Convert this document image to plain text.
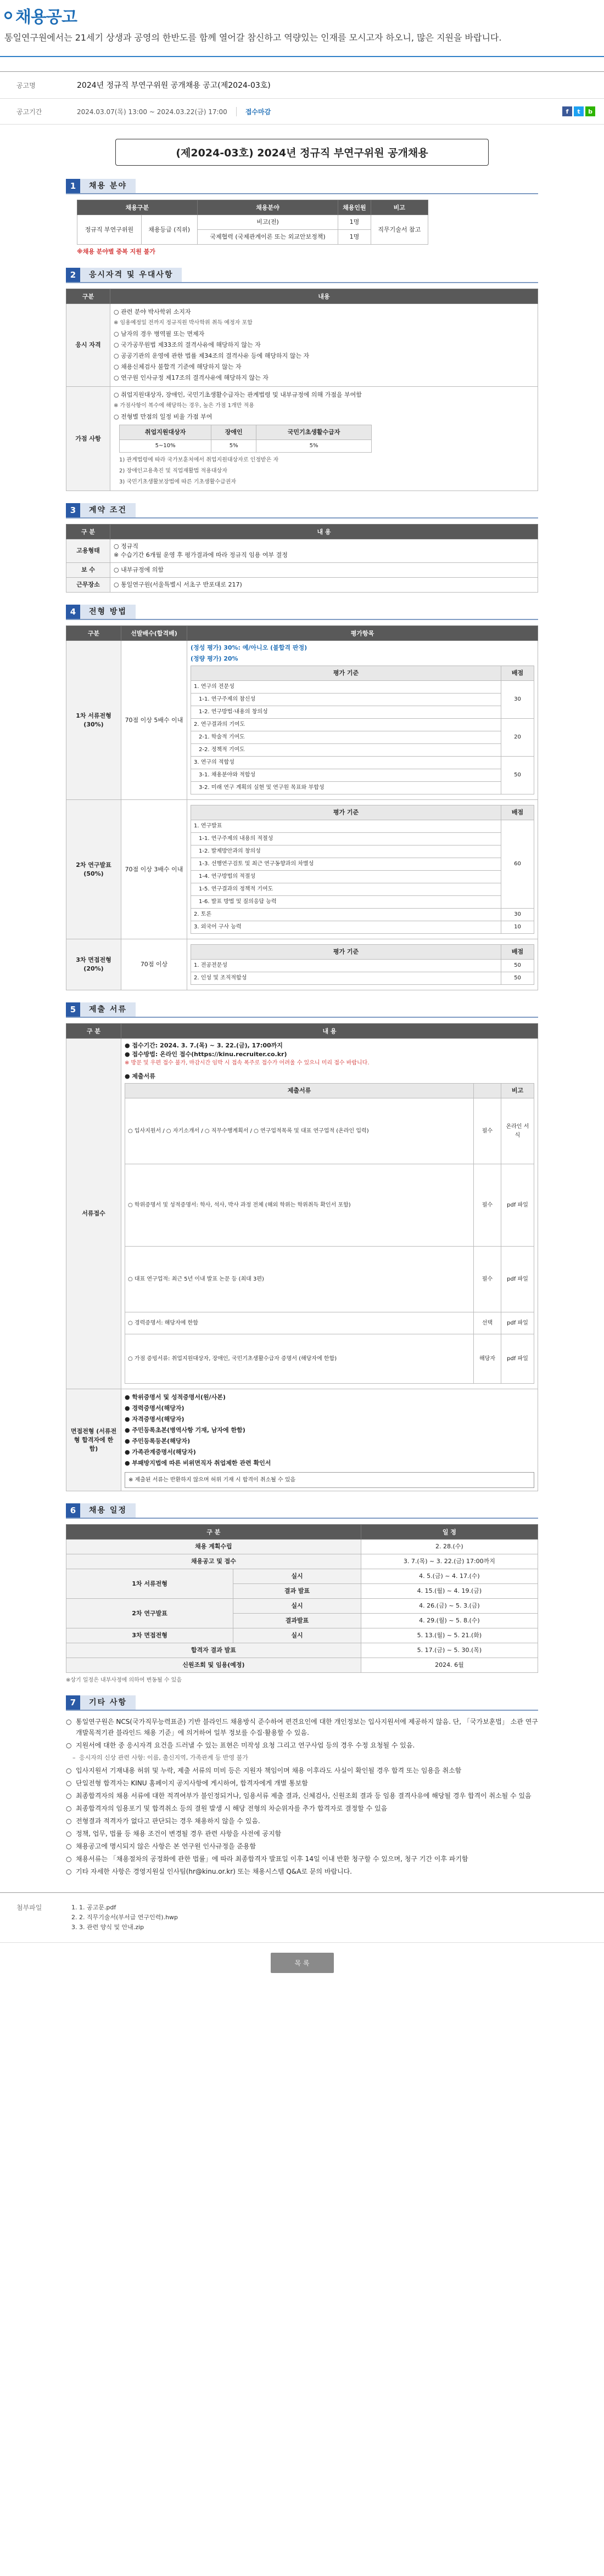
채용공고
통일연구원에서는 21세기 상생과 공영의 한반도를 함께 열어갈 참신하고 역량있는 인재를 모시고자 하오니, 많은 지원을 바랍니다.
공고명	2024년 정규직 부연구위원 공개채용 공고(제2024-03호)
공고기간	2024.03.07(목) 13:00 ~ 2024.03.22(금) 17:00	접수마감	f	t	b
(제2024-03호) 2024년 정규직 부연구위원 공개채용
1	채용 분야
채용구분		채용분야	채용인원	비고
정규직 부연구위원	채용등급 (직위)	비고(전)	1명	직무기술서 참고
		국제협력 (국제관계이론 또는 외교안보정책)	1명	
※채용 분야별 중복 지원 불가
2	응시자격 및 우대사항
구분	내용
응시 자격	
○ 관련 분야 박사학위 소지자
※ 임용예정일 전까지 정규직원 박사학위 취득 예정자 포함
○ 남자의 경우 병역필 또는 면제자
○ 국가공무원법 제33조의 결격사유에 해당하지 않는 자
○ 공공기관의 운영에 관한 법률 제34조의 결격사유 등에 해당하지 않는 자
○ 채용신체검사 불합격 기준에 해당하지 않는 자
○ 연구원 인사규정 제17조의 결격사유에 해당하지 않는 자

가점 사항	
○ 취업지원대상자, 장애인, 국민기초생활수급자는 관계법령 및 내부규정에 의해 가점을 부여함
※ 가점사항이 복수에 해당하는 경우, 높은 가점 1개만 적용
○ 전형별 만점의 일정 비율 가점 부여
취업지원대상자	장애인	국민기초생활수급자
5~10%	5%	5%
1) 관계법령에 따라 국가보훈처에서 취업지원대상자로 인정받은 자
2) 장애인고용촉진 및 직업재활법 적용대상자
3) 국민기초생활보장법에 따른 기초생활수급권자
3	계약 조건
구 분	내 용
고용형태	○ 정규직
※ 수습기간 6개월 운영 후 평가결과에 따라 정규직 임용 여부 결정
보 수	○ 내부규정에 의함
근무장소	○ 통일연구원(서울특별시 서초구 반포대로 217)
4	전형 방법
구분	선발배수(합격배)	평가항목
1차 서류전형 (30%)	70점 이상 5배수 이내	
(정성 평가) 30%: 예/아니오 (불합격 판정)
(정량 평가) 20%
평가 기준	배점
1. 연구의 전문성	30
1-1. 연구주제의 참신성
1-2. 연구방법·내용의 창의성
2. 연구결과의 기여도	20
2-1. 학술적 기여도
2-2. 정책적 기여도
3. 연구의 적합성	50
3-1. 채용분야와 적합성
3-2. 미래 연구 계획의 실현 및 연구원 목표와 부합성

2차 연구발표 (50%)	70점 이상 3배수 이내	
평가 기준	배점
1. 연구발표	60
1-1. 연구주제의 내용의 적절성
1-2. 발제방안과의 창의성
1-3. 선행연구검토 및 최근 연구동향과의 차별성
1-4. 연구방법의 적절성
1-5. 연구결과의 정책적 기여도
1-6. 발표 방법 및 질의응답 능력
2. 토론	30
3. 외국어 구사 능력	10

3차 면접전형 (20%)	70점 이상	
평가 기준	배점
1. 전공전문성	50
2. 인성 및 조직적합성	50
5	제출 서류
구 분	내 용
서류접수	
● 접수기간: 2024. 3. 7.(목) ~ 3. 22.(금), 17:00까지
● 접수방법: 온라인 접수(https://kinu.recruiter.co.kr)
※ 방문 및 우편 접수 불가, 마감시간 임박 시 접속 폭주로 접수가 어려울 수 있으니 미리 접수 바랍니다.
● 제출서류
제출서류		비고
○ 입사지원서 / ○ 자기소개서 / ○ 직무수행계획서 / ○ 연구업적목록 및 대표 연구업적 (온라인 입력)	필수	온라인 서식
○ 학위증명서 및 성적증명서: 학사, 석사, 박사 과정 전체 (해외 학위는 학위취득 확인서 포함)	필수	pdf 파일
○ 대표 연구업적: 최근 5년 이내 발표 논문 등 (최대 3편)	필수	pdf 파일
○ 경력증명서: 해당자에 한함	선택	pdf 파일
○ 가점 증빙서류: 취업지원대상자, 장애인, 국민기초생활수급자 증명서 (해당자에 한함)	해당자	pdf 파일

면접전형 (서류전형 합격자에 한함)	
● 학위증명서 및 성적증명서(원/사본)
● 경력증명서(해당자)
● 자격증명서(해당자)
● 주민등록초본(병역사항 기재, 남자에 한함)
● 주민등록등본(해당자)
● 가족관계증명서(해당자)
● 부패방지법에 따른 비위면직자 취업제한 관련 확인서
※ 제출된 서류는 반환하지 않으며 허위 기재 시 합격이 취소될 수 있음
6	채용 일정
구 분		일 정
채용 계획수립		2. 28.(수)
채용공고 및 접수		3. 7.(목) ~ 3. 22.(금) 17:00까지
1차 서류전형	실시	4. 5.(금) ~ 4. 17.(수)
	결과 발표	4. 15.(월) ~ 4. 19.(금)
2차 연구발표	실시	4. 26.(금) ~ 5. 3.(금)
	결과발표	4. 29.(월) ~ 5. 8.(수)
3차 면접전형	실시	5. 13.(월) ~ 5. 21.(화)
합격자 결과 발표		5. 17.(금) ~ 5. 30.(목)
신원조회 및 임용(예정)		2024. 6월
※상기 일정은 내부사정에 의하여 변동될 수 있음
7	기타 사항
○ 통일연구원은 NCS(국가직무능력표준) 기반 블라인드 채용방식 준수하여 편견요인에 대한 개인정보는 입사지원서에 제공하지 않음. 단, 「국가보훈법」 소관 연구개발목적기관 블라인드 채용 기준」에 의거하여 일부 정보를 수집·활용할 수 있음.
○ 지원서에 대한 중 응시자격 요건을 드러낼 수 있는 표현은 미작성 요청 그리고 연구사업 등의 경우 수정 요청될 수 있음.
– 응시자의 신상 관련 사항: 이름, 출신지역, 가족관계 등 반영 불가
○ 입사지원서 기재내용 허위 및 누락, 제출 서류의 미비 등은 지원자 책임이며 채용 이후라도 사실이 확인될 경우 합격 또는 임용을 취소함
○ 단일전형 합격자는 KINU 홈페이지 공지사항에 게시하여, 합격자에게 개별 통보함
○ 최종합격자의 채용 서류에 대한 적격여부가 불인정되거나, 임용서류 제출 결과, 신체검사, 신원조회 결과 등 임용 결격사유에 해당될 경우 합격이 취소될 수 있음
○ 최종합격자의 임용포기 및 합격취소 등의 결원 발생 시 해당 전형의 차순위자를 추가 합격자로 결정할 수 있음
○ 전형결과 적격자가 없다고 판단되는 경우 채용하지 않을 수 있음.
○ 정책, 업무, 법률 등 채용 조건이 변경될 경우 관련 사항을 사전에 공지함
○ 채용공고에 명시되지 않은 사항은 본 연구원 인사규정을 준용함
○ 채용서류는 「채용절차의 공정화에 관한 법률」에 따라 최종합격자 발표일 이후 14일 이내 반환 청구할 수 있으며, 청구 기간 이후 파기함
○ 기타 자세한 사항은 경영지원실 인사팀(hr@kinu.or.kr) 또는 채용시스템 Q&A로 문의 바랍니다.
첨부파일	1. 1. 공고문.pdf
2. 2. 직무기술서(부서급 연구인력).hwp
3. 3. 관련 양식 및 안내.zip
목 록
